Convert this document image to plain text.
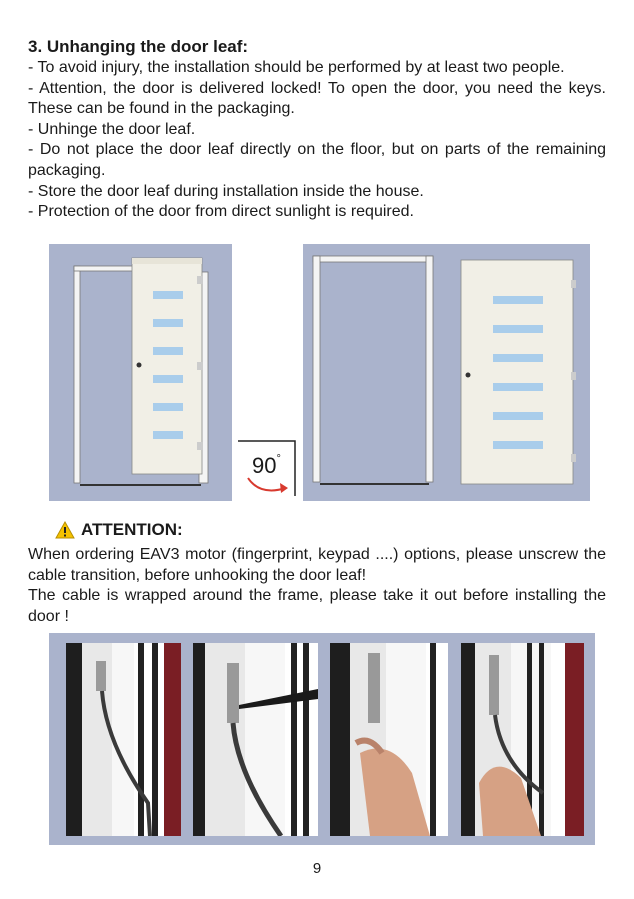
3. Unhanging the door leaf:
- To avoid injury, the installation should be performed by at least two people.
- Attention, the door is delivered locked! To open the door, you need the keys. These can be found in the packaging.
- Unhinge the door leaf.
- Do not place the door leaf directly on the floor, but on parts of the remaining packaging.
- Store the door leaf during installation inside the house.
- Protection of the door from direct sunlight is required.
90°
ATTENTION:
When ordering EAV3 motor (fingerprint, keypad ....) options, please unscrew the cable transition, before unhooking the door leaf!
The cable is wrapped around the frame, please take it out before installing the door !
9
